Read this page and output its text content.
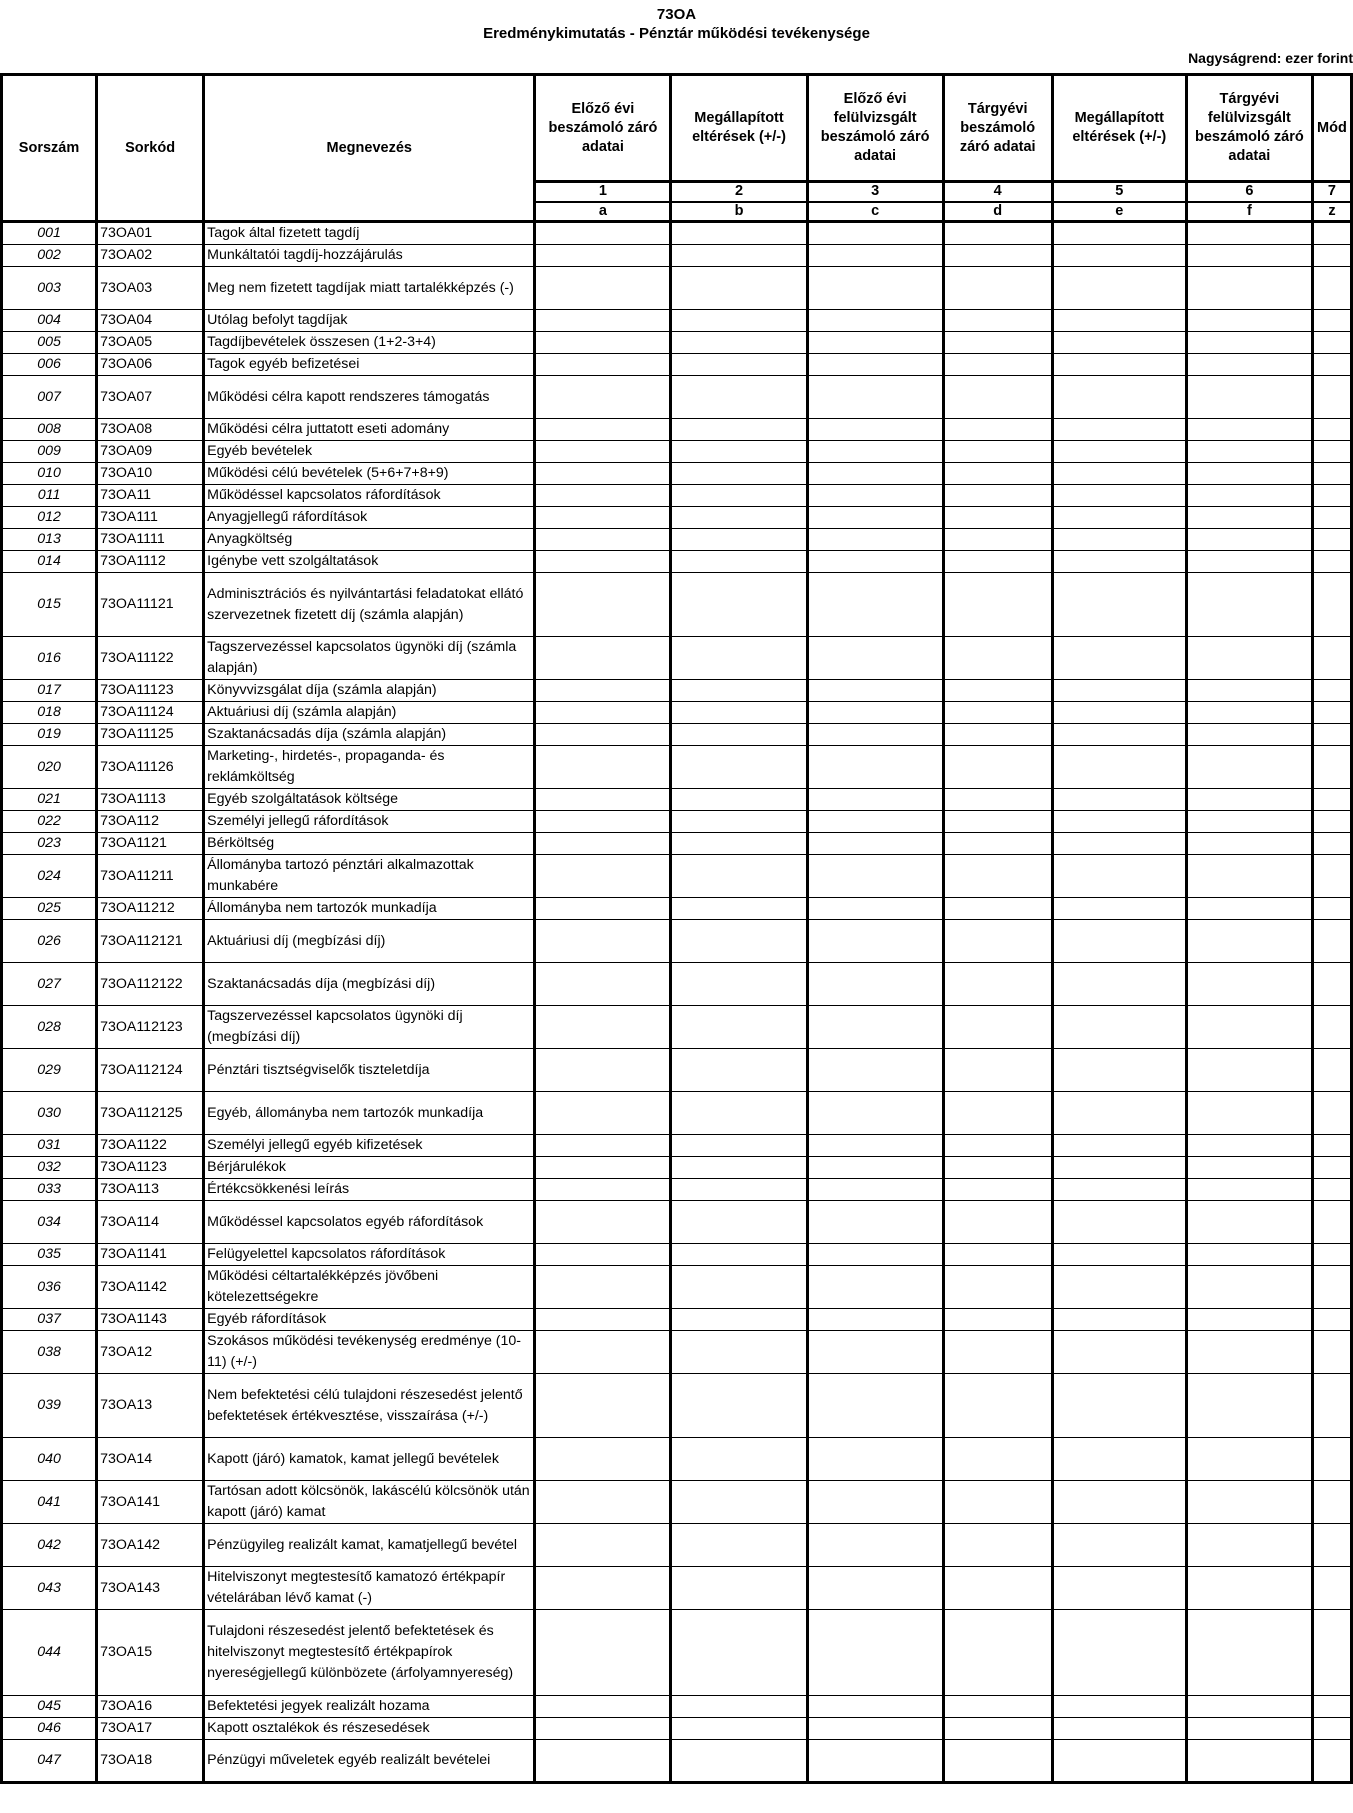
73OA
Eredménykimutatás - Pénztár működési tevékenysége
Nagyságrend: ezer forint
Sorszám	Sorkód	Megnevezés	Előző évi beszámoló záró adatai	Megállapított eltérések (+/-)	Előző évi felülvizsgált beszámoló záró adatai	Tárgyévi beszámoló záró adatai	Megállapított eltérések (+/-)	Tárgyévi felülvizsgált beszámoló záró adatai	Mód
			1	2	3	4	5	6	7
			a	b	c	d	e	f	z
001	73OA01	Tagok által fizetett tagdíj							
002	73OA02	Munkáltatói tagdíj-hozzájárulás							
003	73OA03	Meg nem fizetett tagdíjak miatt tartalékképzés (-)							
004	73OA04	Utólag befolyt tagdíjak							
005	73OA05	Tagdíjbevételek összesen (1+2-3+4)							
006	73OA06	Tagok egyéb befizetései							
007	73OA07	Működési célra kapott rendszeres támogatás							
008	73OA08	Működési célra juttatott eseti adomány							
009	73OA09	Egyéb bevételek							
010	73OA10	Működési célú bevételek (5+6+7+8+9)							
011	73OA11	Működéssel kapcsolatos ráfordítások							
012	73OA111	Anyagjellegű ráfordítások							
013	73OA1111	Anyagköltség							
014	73OA1112	Igénybe vett szolgáltatások							
015	73OA11121	Adminisztrációs és nyilvántartási feladatokat ellátó szervezetnek fizetett díj (számla alapján)							
016	73OA11122	Tagszervezéssel kapcsolatos ügynöki díj (számla alapján)							
017	73OA11123	Könyvvizsgálat díja (számla alapján)							
018	73OA11124	Aktuáriusi díj (számla alapján)							
019	73OA11125	Szaktanácsadás díja (számla alapján)							
020	73OA11126	Marketing-, hirdetés-, propaganda- és reklámköltség							
021	73OA1113	Egyéb szolgáltatások költsége							
022	73OA112	Személyi jellegű ráfordítások							
023	73OA1121	Bérköltség							
024	73OA11211	Állományba tartozó pénztári alkalmazottak munkabére							
025	73OA11212	Állományba nem tartozók munkadíja							
026	73OA112121	Aktuáriusi díj (megbízási díj)							
027	73OA112122	Szaktanácsadás díja (megbízási díj)							
028	73OA112123	Tagszervezéssel kapcsolatos ügynöki díj (megbízási díj)							
029	73OA112124	Pénztári tisztségviselők tiszteletdíja							
030	73OA112125	Egyéb, állományba nem tartozók munkadíja							
031	73OA1122	Személyi jellegű egyéb kifizetések							
032	73OA1123	Bérjárulékok							
033	73OA113	Értékcsökkenési leírás							
034	73OA114	Működéssel kapcsolatos egyéb ráfordítások							
035	73OA1141	Felügyelettel kapcsolatos ráfordítások							
036	73OA1142	Működési céltartalékképzés jövőbeni kötelezettségekre							
037	73OA1143	Egyéb ráfordítások							
038	73OA12	Szokásos működési tevékenység eredménye (10-11) (+/-)							
039	73OA13	Nem befektetési célú tulajdoni részesedést jelentő befektetések értékvesztése, visszaírása (+/-)							
040	73OA14	Kapott (járó) kamatok, kamat jellegű bevételek							
041	73OA141	Tartósan adott kölcsönök, lakáscélú kölcsönök után kapott (járó) kamat							
042	73OA142	Pénzügyileg realizált kamat, kamatjellegű bevétel							
043	73OA143	Hitelviszonyt megtestesítő kamatozó értékpapír vételárában lévő kamat (-)							
044	73OA15	Tulajdoni részesedést jelentő befektetések és hitelviszonyt megtestesítő értékpapírok nyereségjellegű különbözete (árfolyamnyereség)							
045	73OA16	Befektetési jegyek realizált hozama							
046	73OA17	Kapott osztalékok és részesedések							
047	73OA18	Pénzügyi műveletek egyéb realizált bevételei							
